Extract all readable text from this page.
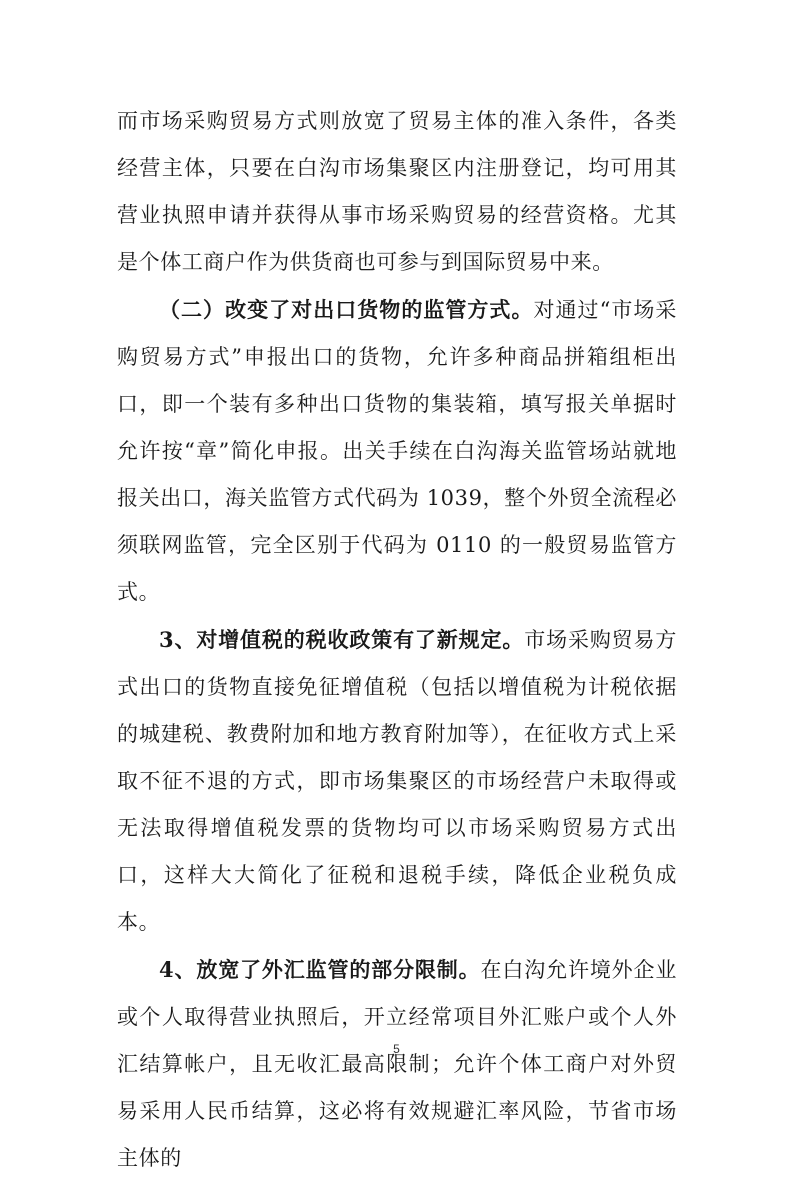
而市场采购贸易方式则放宽了贸易主体的准入条件，各类经营主体，只要在白沟市场集聚区内注册登记，均可用其营业执照申请并获得从事市场采购贸易的经营资格。尤其是个体工商户作为供货商也可参与到国际贸易中来。

（二）改变了对出口货物的监管方式。对通过“市场采购贸易方式”申报出口的货物，允许多种商品拼箱组柜出口，即一个装有多种出口货物的集装箱，填写报关单据时允许按“章”简化申报。出关手续在白沟海关监管场站就地报关出口，海关监管方式代码为 1039，整个外贸全流程必须联网监管，完全区别于代码为 0110 的一般贸易监管方式。

3、对增值税的税收政策有了新规定。市场采购贸易方式出口的货物直接免征增值税（包括以增值税为计税依据的城建税、教费附加和地方教育附加等），在征收方式上采取不征不退的方式，即市场集聚区的市场经营户未取得或无法取得增值税发票的货物均可以市场采购贸易方式出口，这样大大简化了征税和退税手续，降低企业税负成本。

4、放宽了外汇监管的部分限制。在白沟允许境外企业或个人取得营业执照后，开立经常项目外汇账户或个人外汇结算帐户，且无收汇最高限制；允许个体工商户对外贸易采用人民币结算，这必将有效规避汇率风险，节省市场主体的

5
